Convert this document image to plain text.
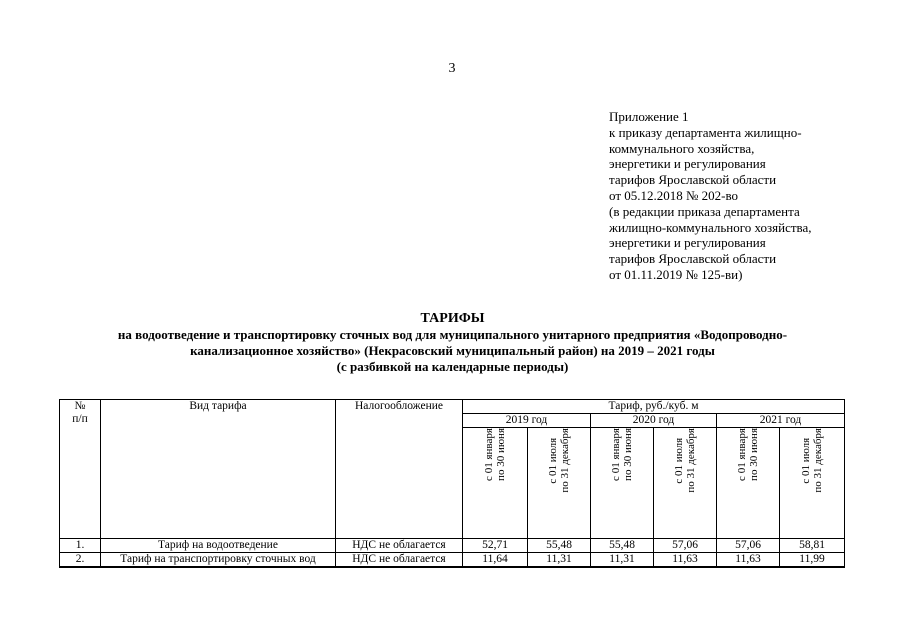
3
Приложение 1
к приказу департамента жилищно-
коммунального хозяйства,
энергетики и регулирования
тарифов Ярославской области
от 05.12.2018 № 202-во
(в редакции приказа департамента
жилищно-коммунального хозяйства,
энергетики и регулирования
тарифов Ярославской области
от 01.11.2019 № 125-ви)
ТАРИФЫ
на водоотведение и транспортировку сточных вод для муниципального унитарного предприятия «Водопроводно-
канализационное хозяйство» (Некрасовский муниципальный район) на 2019 – 2021 годы
(с разбивкой на календарные периоды)
№
п/п	Вид тарифа	Налогообложение	Тариф, руб./куб. м					
			2019 год		2020 год		2021 год	
			с 01 января
по 30 июня	с 01 июля
по 31 декабря	с 01 января
по 30 июня	с 01 июля
по 31 декабря	с 01 января
по 30 июня	с 01 июля
по 31 декабря
1.	Тариф на водоотведение	НДС не облагается	52,71	55,48	55,48	57,06	57,06	58,81
2.	Тариф на транспортировку сточных вод	НДС не облагается	11,64	11,31	11,31	11,63	11,63	11,99
